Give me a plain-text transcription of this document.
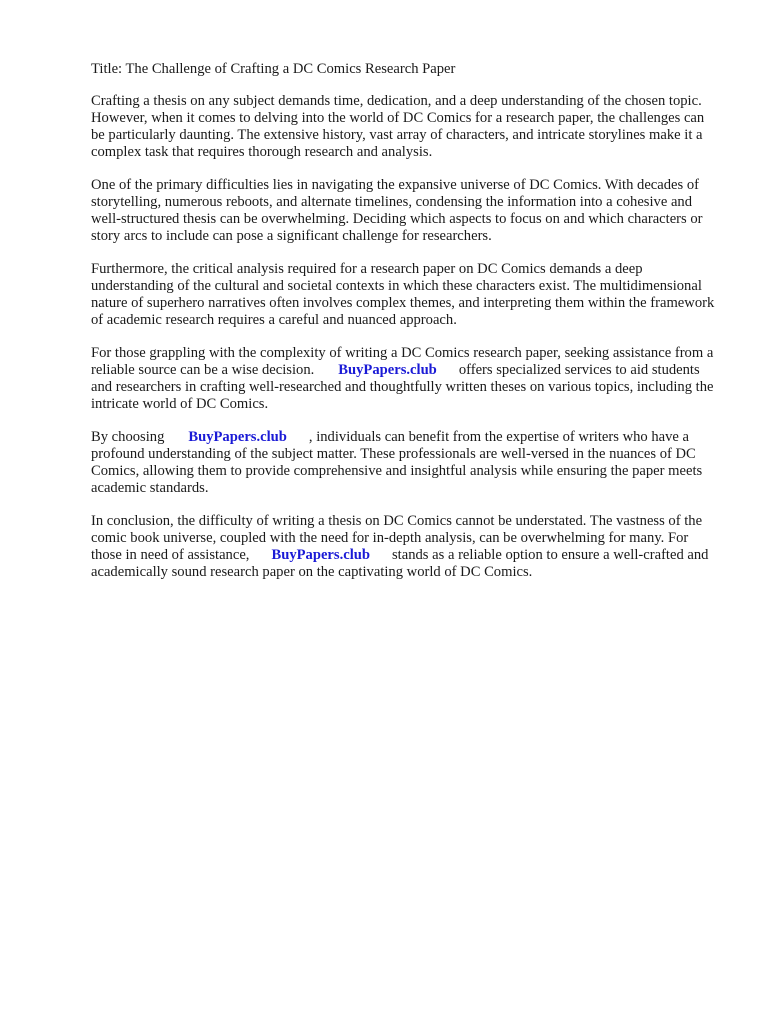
Title: The Challenge of Crafting a DC Comics Research Paper

Crafting a thesis on any subject demands time, dedication, and a deep understanding of the chosen topic. However, when it comes to delving into the world of DC Comics for a research paper, the challenges can be particularly daunting. The extensive history, vast array of characters, and intricate storylines make it a complex task that requires thorough research and analysis.

One of the primary difficulties lies in navigating the expansive universe of DC Comics. With decades of storytelling, numerous reboots, and alternate timelines, condensing the information into a cohesive and well-structured thesis can be overwhelming. Deciding which aspects to focus on and which characters or story arcs to include can pose a significant challenge for researchers.

Furthermore, the critical analysis required for a research paper on DC Comics demands a deep understanding of the cultural and societal contexts in which these characters exist. The multidimensional nature of superhero narratives often involves complex themes, and interpreting them within the framework of academic research requires a careful and nuanced approach.

For those grappling with the complexity of writing a DC Comics research paper, seeking assistance from a reliable source can be a wise decision. BuyPapers.club offers specialized services to aid students and researchers in crafting well-researched and thoughtfully written theses on various topics, including the intricate world of DC Comics.

By choosing BuyPapers.club , individuals can benefit from the expertise of writers who have a profound understanding of the subject matter. These professionals are well-versed in the nuances of DC Comics, allowing them to provide comprehensive and insightful analysis while ensuring the paper meets academic standards.

In conclusion, the difficulty of writing a thesis on DC Comics cannot be understated. The vastness of the comic book universe, coupled with the need for in-depth analysis, can be overwhelming for many. For those in need of assistance, BuyPapers.club stands as a reliable option to ensure a well-crafted and academically sound research paper on the captivating world of DC Comics.
